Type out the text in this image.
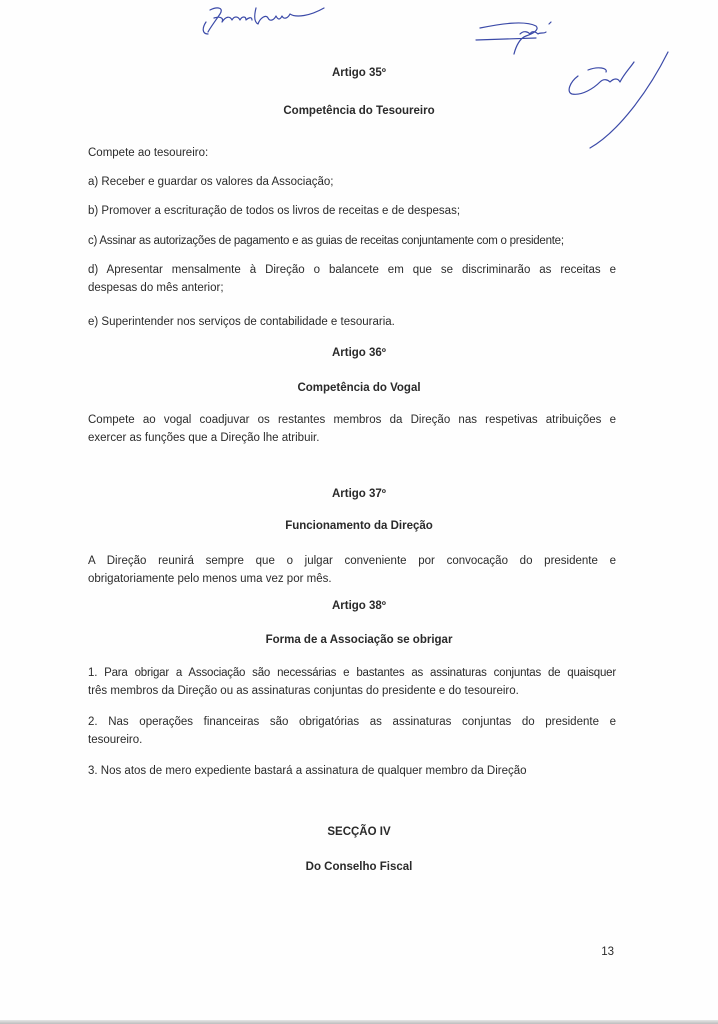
Artigo 35º
Competência do Tesoureiro
Compete ao tesoureiro:
a) Receber e guardar os valores da Associação;
b) Promover a escrituração de todos os livros de receitas e de despesas;
c) Assinar as autorizações de pagamento e as guias de receitas conjuntamente com o presidente;
d) Apresentar mensalmente à Direção o balancete em que se discriminarão as receitas e
despesas do mês anterior;
e) Superintender nos serviços de contabilidade e tesouraria.
Artigo 36º
Competência do Vogal
Compete ao vogal coadjuvar os restantes membros da Direção nas respetivas atribuições e
exercer as funções que a Direção lhe atribuir.
Artigo 37º
Funcionamento da Direção
A Direção reunirá sempre que o julgar conveniente por convocação do presidente e
obrigatoriamente pelo menos uma vez por mês.
Artigo 38º
Forma de a Associação se obrigar
1. Para obrigar a Associação são necessárias e bastantes as assinaturas conjuntas de quaisquer
três membros da Direção ou as assinaturas conjuntas do presidente e do tesoureiro.
2. Nas operações financeiras são obrigatórias as assinaturas conjuntas do presidente e
tesoureiro.
3. Nos atos de mero expediente bastará a assinatura de qualquer membro da Direção
SECÇÃO IV
Do Conselho Fiscal
13
